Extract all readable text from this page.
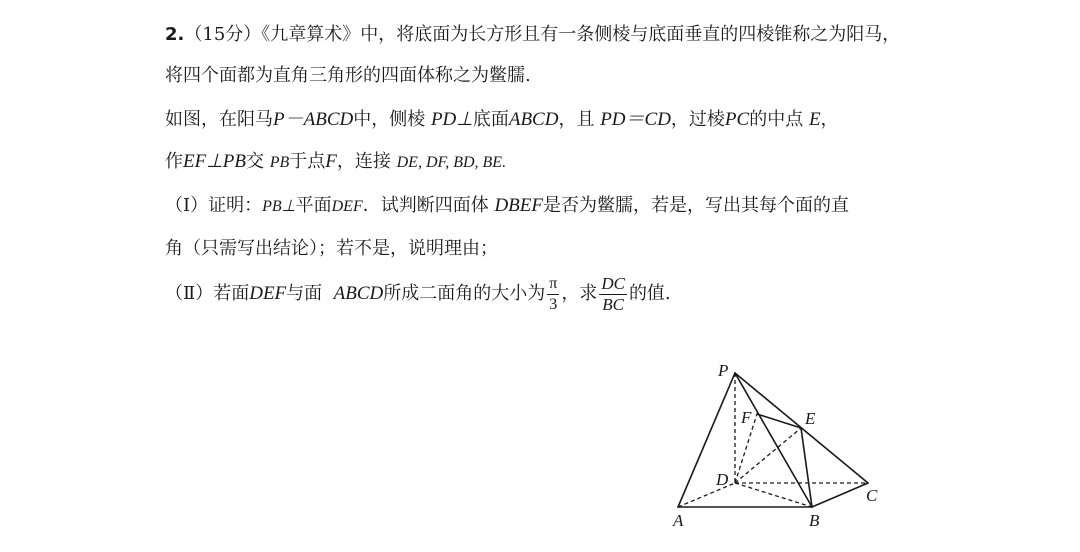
2.（15分）《九章算术》中，将底面为长方形且有一条侧棱与底面垂直的四棱锥称之为阳马，
将四个面都为直角三角形的四面体称之为鳖臑.
如图，在阳马P－ABCD中，侧棱 PD⊥底面ABCD，且 PD＝CD，过棱PC的中点 E，
作EF⊥PB交 PB于点F，连接 DE, DF, BD, BE.
（Ⅰ）证明：PB⊥平面DEF．试判断四面体 DBEF是否为鳖臑，若是，写出其每个面的直
角（只需写出结论）；若不是，说明理由；
（Ⅱ）若面DEF与面  ABCD所成二面角的大小为 $\frac{\pi}{3}$ ，求 $\frac{DC}{BC}$ 的值.
P
F	E
D
A	B
C
